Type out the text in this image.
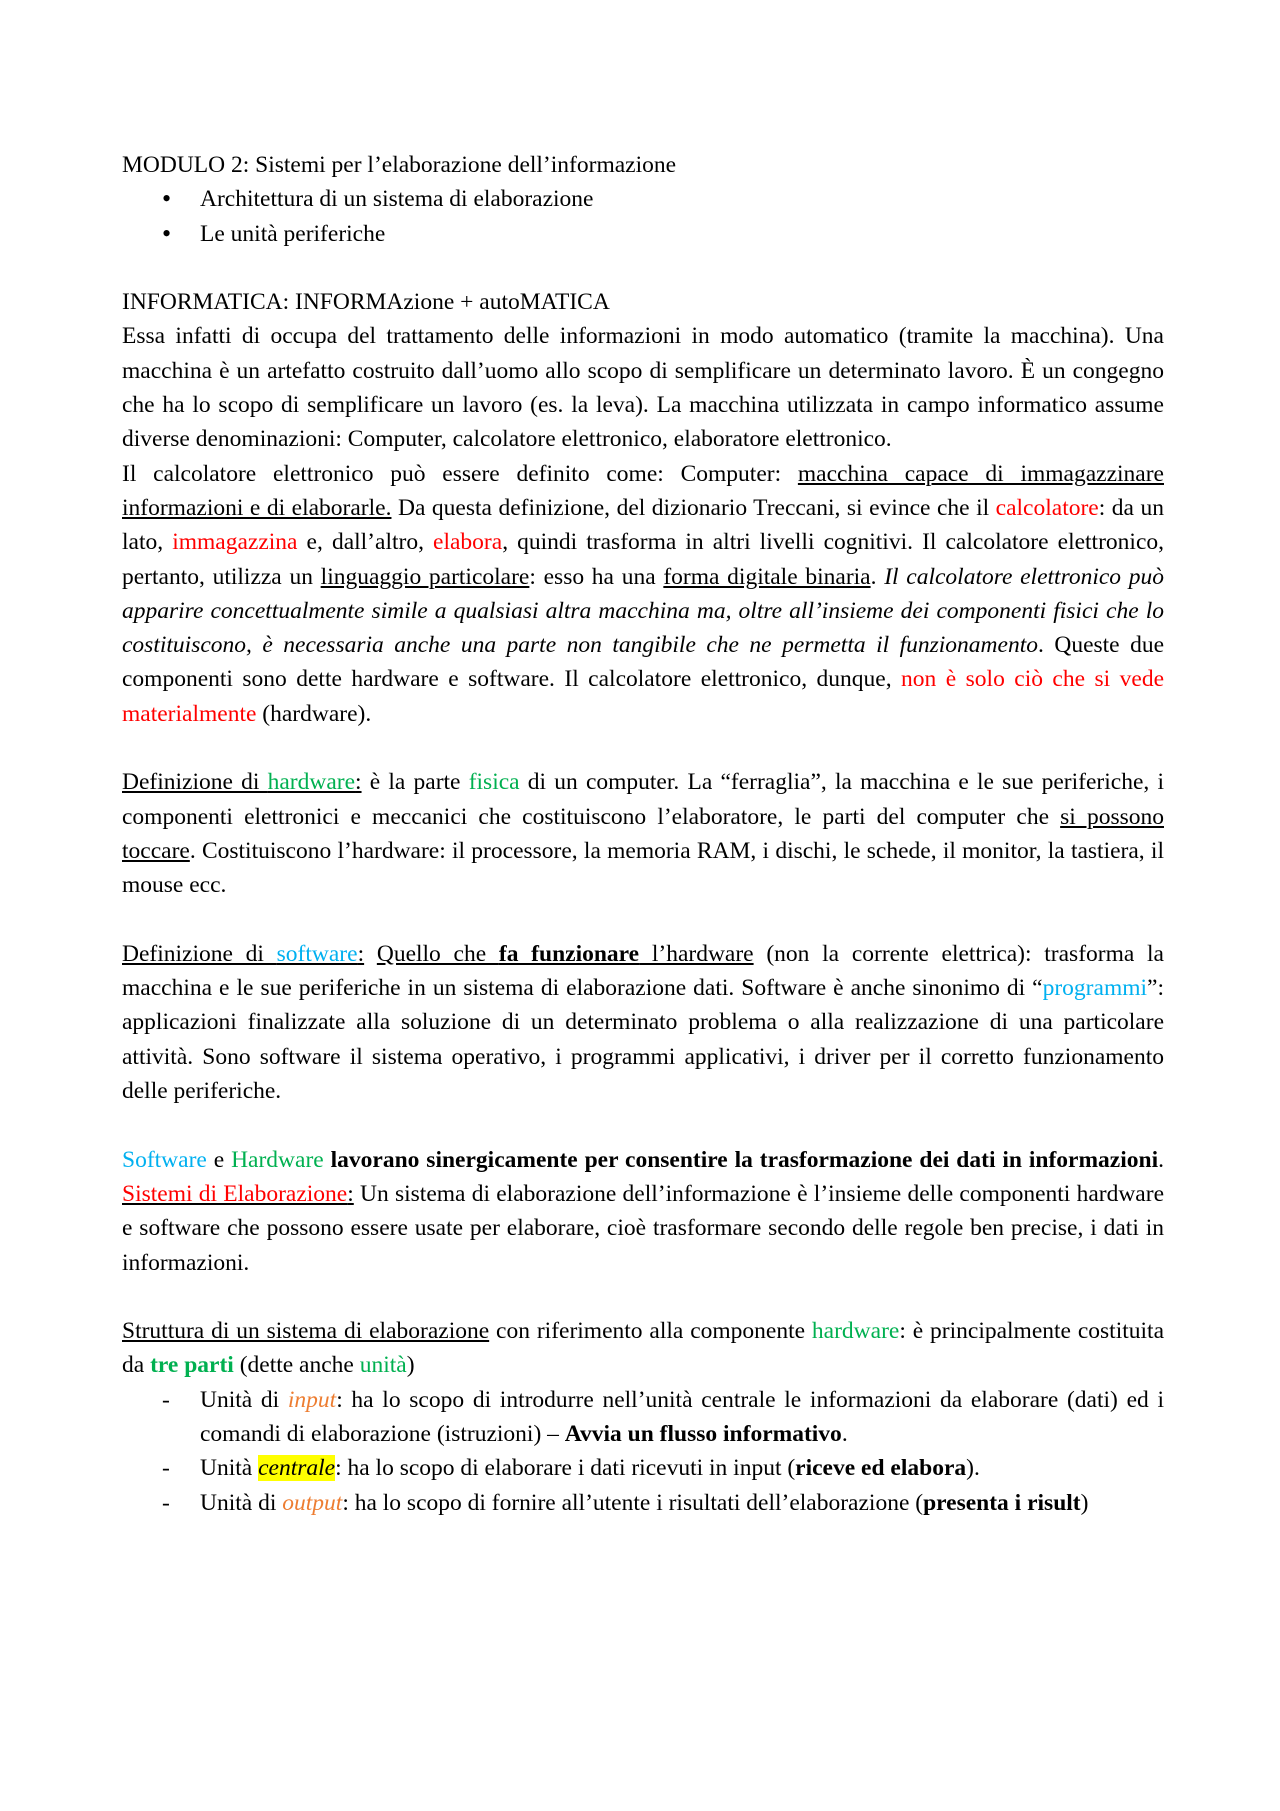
MODULO 2: Sistemi per l’elaborazione dell’informazione

• Architettura di un sistema di elaborazione
• Le unità periferiche

INFORMATICA: INFORMAzione + autoMATICA

Essa infatti di occupa del trattamento delle informazioni in modo automatico (tramite la macchina). Una macchina è un artefatto costruito dall’uomo allo scopo di semplificare un determinato lavoro. È un congegno che ha lo scopo di semplificare un lavoro (es. la leva). La macchina utilizzata in campo informatico assume diverse denominazioni: Computer, calcolatore elettronico, elaboratore elettronico.

Il calcolatore elettronico può essere definito come: Computer: macchina capace di immagazzinare informazioni e di elaborarle. Da questa definizione, del dizionario Treccani, si evince che il calcolatore: da un lato, immagazzina e, dall’altro, elabora, quindi trasforma in altri livelli cognitivi. Il calcolatore elettronico, pertanto, utilizza un linguaggio particolare: esso ha una forma digitale binaria. Il calcolatore elettronico può apparire concettualmente simile a qualsiasi altra macchina ma, oltre all’insieme dei componenti fisici che lo costituiscono, è necessaria anche una parte non tangibile che ne permetta il funzionamento. Queste due componenti sono dette hardware e software. Il calcolatore elettronico, dunque, non è solo ciò che si vede materialmente (hardware).

Definizione di hardware: è la parte fisica di un computer. La “ferraglia”, la macchina e le sue periferiche, i componenti elettronici e meccanici che costituiscono l’elaboratore, le parti del computer che si possono toccare. Costituiscono l’hardware: il processore, la memoria RAM, i dischi, le schede, il monitor, la tastiera, il mouse ecc.

Definizione di software: Quello che fa funzionare l’hardware (non la corrente elettrica): trasforma la macchina e le sue periferiche in un sistema di elaborazione dati. Software è anche sinonimo di “programmi”: applicazioni finalizzate alla soluzione di un determinato problema o alla realizzazione di una particolare attività. Sono software il sistema operativo, i programmi applicativi, i driver per il corretto funzionamento delle periferiche.

Software e Hardware lavorano sinergicamente per consentire la trasformazione dei dati in informazioni. Sistemi di Elaborazione: Un sistema di elaborazione dell’informazione è l’insieme delle componenti hardware e software che possono essere usate per elaborare, cioè trasformare secondo delle regole ben precise, i dati in informazioni.

Struttura di un sistema di elaborazione con riferimento alla componente hardware: è principalmente costituita da tre parti (dette anche unità)

- Unità di input: ha lo scopo di introdurre nell’unità centrale le informazioni da elaborare (dati) ed i comandi di elaborazione (istruzioni) – Avvia un flusso informativo.
- Unità centrale: ha lo scopo di elaborare i dati ricevuti in input (riceve ed elabora).
- Unità di output: ha lo scopo di fornire all’utente i risultati dell’elaborazione (presenta i risult)
